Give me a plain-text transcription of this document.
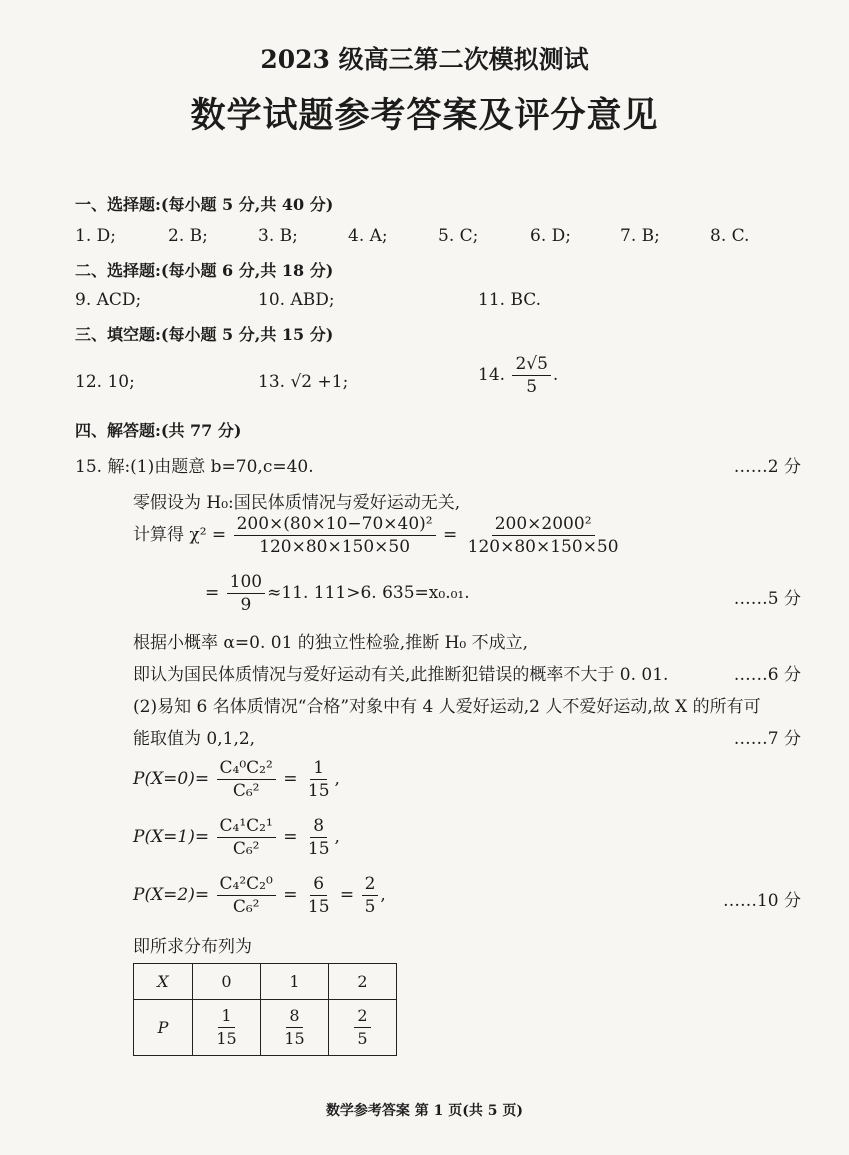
2023 级高三第二次模拟测试
数学试题参考答案及评分意见
一、选择题:(每小题 5 分,共 40 分)
1. D;	2. B;	3. B;	4. A;	5. C;	6. D;	7. B;	8. C.
二、选择题:(每小题 6 分,共 18 分)
9. ACD;	10. ABD;	11. BC.
三、填空题:(每小题 5 分,共 15 分)
12. 10;	13. √2 +1;	14. $\frac{2√5}{5}$ .
四、解答题:(共 77 分)
15. 解:(1)由题意 b=70,c=40.	……2 分
零假设为 H₀:国民体质情况与爱好运动无关,
计算得 $\chi^2 = \frac{\text{200×(80×10−70×40)²}}{120\times 80\times 150\times 50} = \frac{\text{200×2000²}}{120\times 80\times 150\times 50}$
= $\frac{100}{9} \approx 11$. 111>6. 635=x₀.₀₁.	……5 分
根据小概率 α=0. 01 的独立性检验,推断 H₀ 不成立,
即认为国民体质情况与爱好运动有关,此推断犯错误的概率不大于 0. 01.	……6 分
(2)易知 6 名体质情况“合格”对象中有 4 人爱好运动,2 人不爱好运动,故 X 的所有可
能取值为 0,1,2,	……7 分
$P(X=0)= \frac{\text{C₄⁰C₂²}}{\text{C₆²}} = \frac{1}{15}$ ,
$P(X=1)= \frac{\text{C₄¹C₂¹}}{\text{C₆²}} = \frac{8}{15}$ ,
$P(X=2)= \frac{\text{C₄²C₂⁰}}{\text{C₆²}} = \frac{6}{15} = \frac{2}{5}$ ,	……10 分
即所求分布列为
X	0	1	2
P	$\frac{1}{15}$	$\frac{8}{15}$	$\frac{2}{5}$
数学参考答案 第 1 页(共 5 页)
